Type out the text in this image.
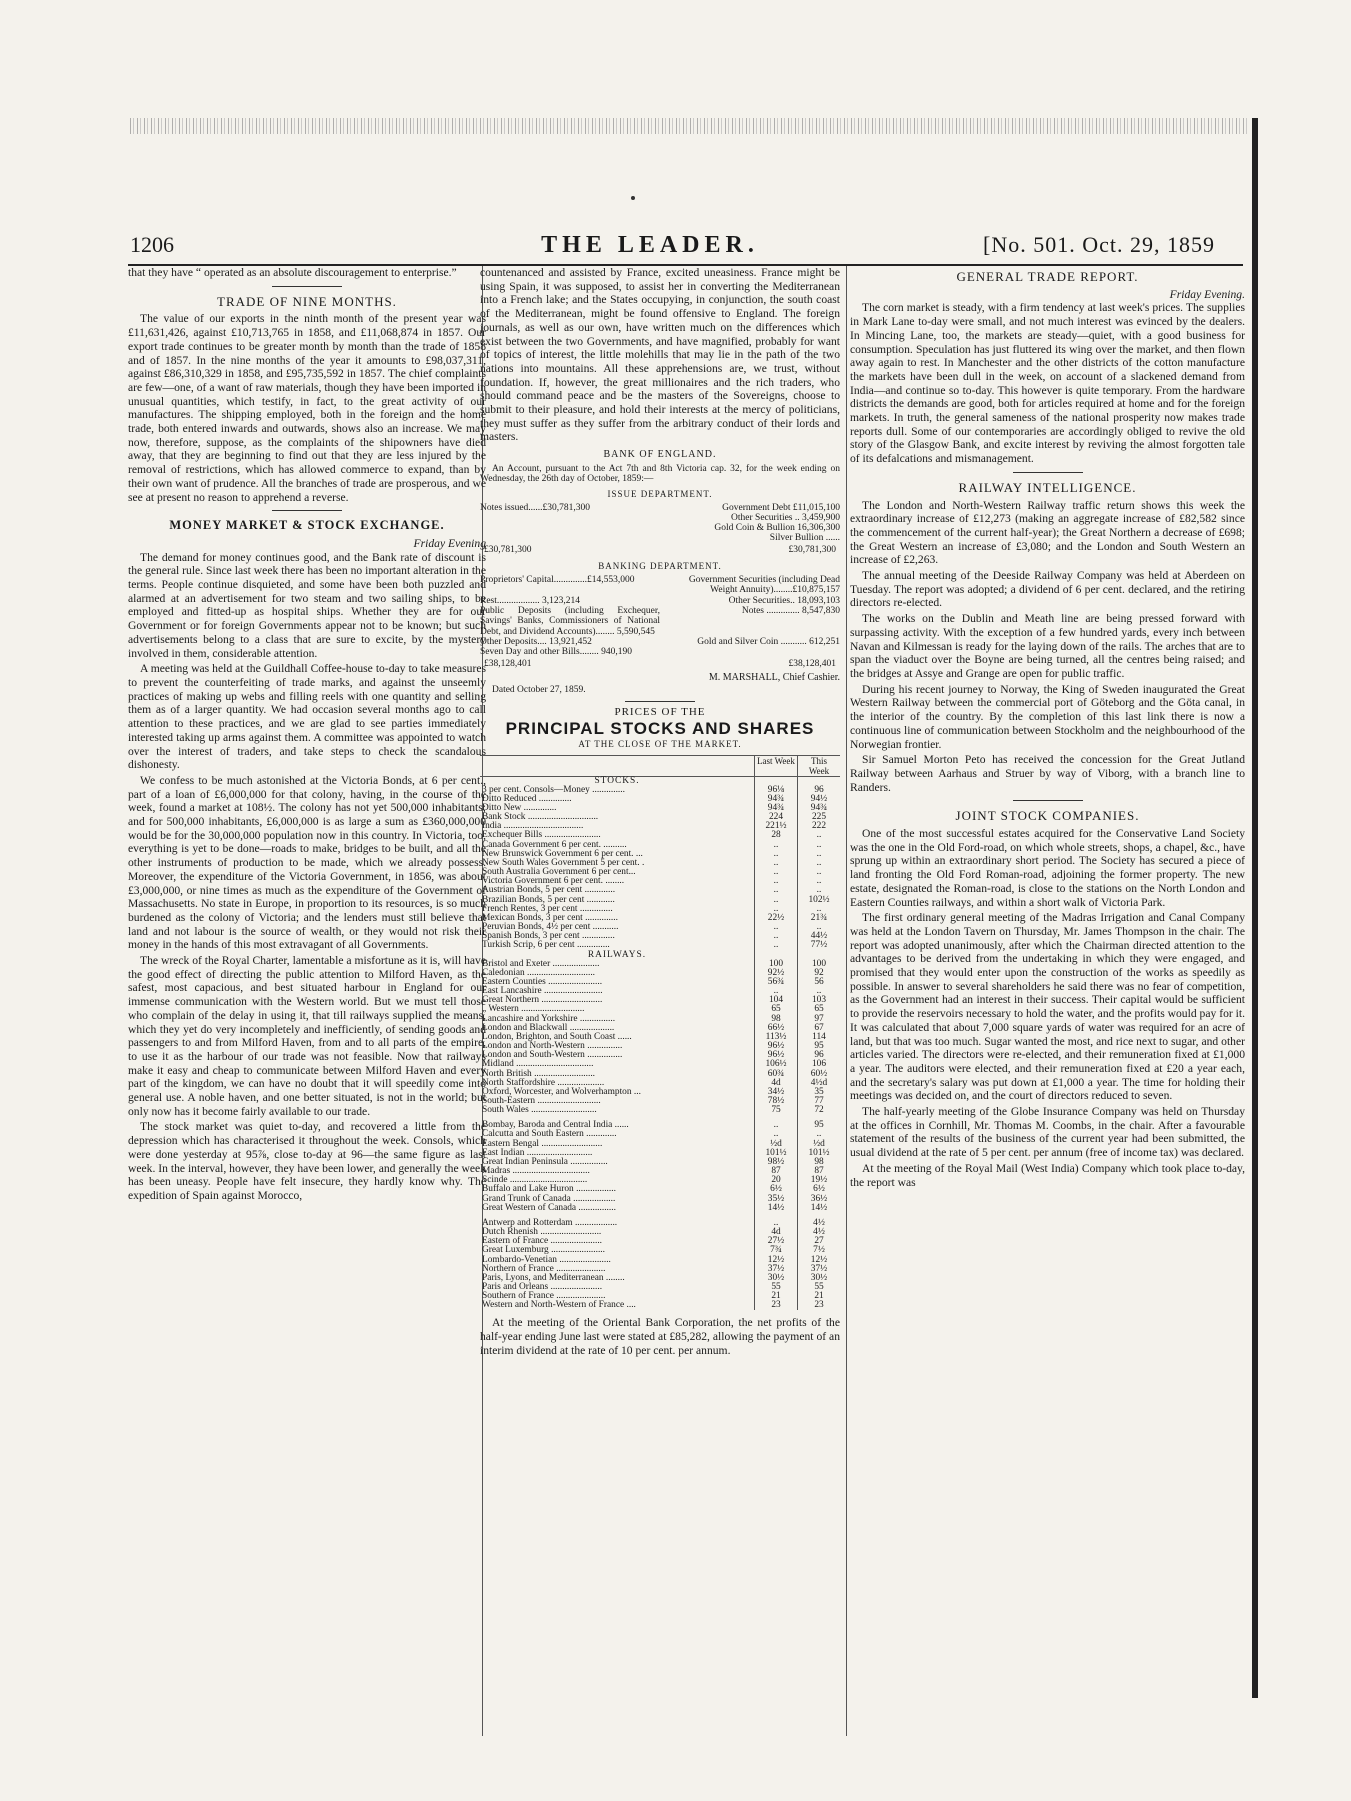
1206	THE LEADER.	[No. 501. Oct. 29, 1859

that they have “ operated as an absolute discouragement to enterprise.”

TRADE OF NINE MONTHS.

The value of our exports in the ninth month of the present year was £11,631,426, against £10,713,765 in 1858, and £11,068,874 in 1857. Our export trade continues to be greater month by month than the trade of 1858 and of 1857. In the nine months of the year it amounts to £98,037,311, against £86,310,329 in 1858, and £95,735,592 in 1857. The chief complaints are few—one, of a want of raw materials, though they have been imported in unusual quantities, which testify, in fact, to the great activity of our manufactures. The shipping employed, both in the foreign and the home trade, both entered inwards and outwards, shows also an increase. We may now, therefore, suppose, as the complaints of the shipowners have died away, that they are beginning to find out that they are less injured by the removal of restrictions, which has allowed commerce to expand, than by their own want of prudence. All the branches of trade are prosperous, and we see at present no reason to apprehend a reverse.

MONEY MARKET & STOCK EXCHANGE.
Friday Evening

The demand for money continues good, and the Bank rate of discount is the general rule. Since last week there has been no important alteration in the terms. People continue disquieted, and some have been both puzzled and alarmed at an advertisement for two steam and two sailing ships, to be employed and fitted-up as hospital ships. Whether they are for our Government or for foreign Governments appear not to be known; but such advertisements belong to a class that are sure to excite, by the mystery involved in them, considerable attention.

A meeting was held at the Guildhall Coffee-house to-day to take measures to prevent the counterfeiting of trade marks, and against the unseemly practices of making up webs and filling reels with one quantity and selling them as of a larger quantity. We had occasion several months ago to call attention to these practices, and we are glad to see parties immediately interested taking up arms against them. A committee was appointed to watch over the interest of traders, and take steps to check the scandalous dishonesty.

We confess to be much astonished at the Victoria Bonds, at 6 per cent., part of a loan of £6,000,000 for that colony, having, in the course of the week, found a market at 108½. The colony has not yet 500,000 inhabitants; and for 500,000 inhabitants, £6,000,000 is as large a sum as £360,000,000 would be for the 30,000,000 population now in this country. In Victoria, too, everything is yet to be done—roads to make, bridges to be built, and all the other instruments of production to be made, which we already possess. Moreover, the expenditure of the Victoria Government, in 1856, was about £3,000,000, or nine times as much as the expenditure of the Government of Massachusetts. No state in Europe, in proportion to its resources, is so much burdened as the colony of Victoria; and the lenders must still believe that land and not labour is the source of wealth, or they would not risk their money in the hands of this most extravagant of all Governments.

The wreck of the Royal Charter, lamentable a misfortune as it is, will have the good effect of directing the public attention to Milford Haven, as the safest, most capacious, and best situated harbour in England for our immense communication with the Western world. But we must tell those who complain of the delay in using it, that till railways supplied the means, which they yet do very incompletely and inefficiently, of sending goods and passengers to and from Milford Haven, from and to all parts of the empire, to use it as the harbour of our trade was not feasible. Now that railways make it easy and cheap to communicate between Milford Haven and every part of the kingdom, we can have no doubt that it will speedily come into general use. A noble haven, and one better situated, is not in the world; but only now has it become fairly available to our trade.

The stock market was quiet to-day, and recovered a little from the depression which has characterised it throughout the week. Consols, which were done yesterday at 95⅞, close to-day at 96—the same figure as last week. In the interval, however, they have been lower, and generally the week has been uneasy. People have felt insecure, they hardly know why. The expedition of Spain against Morocco,

countenanced and assisted by France, excited uneasiness. France might be using Spain, it was supposed, to assist her in converting the Mediterranean into a French lake; and the States occupying, in conjunction, the south coast of the Mediterranean, might be found offensive to England. The foreign journals, as well as our own, have written much on the differences which exist between the two Governments, and have magnified, probably for want of topics of interest, the little molehills that may lie in the path of the two nations into mountains. All these apprehensions are, we trust, without foundation. If, however, the great millionaires and the rich traders, who should command peace and be the masters of the Sovereigns, choose to submit to their pleasure, and hold their interests at the mercy of politicians, they must suffer as they suffer from the arbitrary conduct of their lords and masters.

BANK OF ENGLAND.

An Account, pursuant to the Act 7th and 8th Victoria cap. 32, for the week ending on Wednesday, the 26th day of October, 1859:—

ISSUE DEPARTMENT.
Notes issued......£30,781,300	Government Debt £11,015,100
	Other Securities .. 3,459,900
	Gold Coin & Bullion 16,306,300
	Silver Bullion ......
£30,781,300	£30,781,300
BANKING DEPARTMENT.
Proprietors' Capital..............£14,553,000	Government Securities (including Dead Weight Annuity)........£10,875,157
Rest.................. 3,123,214	Other Securities.. 18,093,103
Public Deposits (including Exchequer, Savings' Banks, Commissioners of National Debt, and Dividend Accounts)........ 5,590,545	Notes .............. 8,547,830
Other Deposits.... 13,921,452	Gold and Silver Coin ........... 612,251
Seven Day and other Bills........ 940,190	
£38,128,401	£38,128,401
M. MARSHALL, Chief Cashier.
Dated October 27, 1859.
PRICES OF THE
PRINCIPAL STOCKS AND SHARES
AT THE CLOSE OF THE MARKET.
	Last Week	This Week
STOCKS.		
3 per cent. Consols—Money ..............	96⅛	96
Ditto Reduced ..............	94¾	94½
Ditto New ..............	94¾	94¾
Bank Stock ..............................	224	225
India ..................................	221½	222
Exchequer Bills ........................	28	..
Canada Government 6 per cent. ..........	..	..
New Brunswick Government 6 per cent. ...	..	..
New South Wales Government 5 per cent. .	..	..
South Australia Government 6 per cent...	..	..
Victoria Government 6 per cent. ........	..	..
Austrian Bonds, 5 per cent .............	..	..
Brazilian Bonds, 5 per cent ............	..	102½
French Rentes, 3 per cent ..............	..	..
Mexican Bonds, 3 per cent ..............	22½	21¾
Peruvian Bonds, 4½ per cent ...........	..	..
Spanish Bonds, 3 per cent ..............	..	44½
Turkish Scrip, 6 per cent ..............	..	77½
RAILWAYS.		
Bristol and Exeter ....................	100	100
Caledonian .............................	92½	92
Eastern Counties .......................	56¾	56
East Lancashire .........................	..	..
Great Northern ..........................	104	103
„ Western ...........................	65	65
Lancashire and Yorkshire ...............	98	97
London and Blackwall ...................	66½	67
London, Brighton, and South Coast ......	113½	114
London and North-Western ...............	96½	95
London and South-Western ...............	96½	96
Midland .................................	106½	106
North British ..........................	60¾	60½
North Staffordshire ....................	4d	4½d
Oxford, Worcester, and Wolverhampton ...	34½	35
South-Eastern ...........................	78½	77
South Wales ............................	75	72

Bombay, Baroda and Central India ......	..	95
Calcutta and South Eastern .............	..	..
Eastern Bengal ..........................	½d	½d
East Indian ............................	101½	101½
Great Indian Peninsula ................	98½	98
Madras .................................	87	87
Scinde .................................	20	19½
Buffalo and Lake Huron .................	6½	6½
Grand Trunk of Canada ..................	35½	36½
Great Western of Canada ................	14½	14½

Antwerp and Rotterdam ..................	..	4½
Dutch Rhenish ..........................	4d	4½
Eastern of France ......................	27½	27
Great Luxemburg .......................	7¾	7½
Lombardo-Venetian ......................	12½	12½
Northern of France .....................	37½	37½
Paris, Lyons, and Mediterranean ........	30½	30½
Paris and Orleans ......................	55	55
Southern of France .....................	21	21
Western and North-Western of France ....	23	23

At the meeting of the Oriental Bank Corporation, the net profits of the half-year ending June last were stated at £85,282, allowing the payment of an interim dividend at the rate of 10 per cent. per annum.

GENERAL TRADE REPORT.
Friday Evening.

The corn market is steady, with a firm tendency at last week's prices. The supplies in Mark Lane to-day were small, and not much interest was evinced by the dealers. In Mincing Lane, too, the markets are steady—quiet, with a good business for consumption. Speculation has just fluttered its wing over the market, and then flown away again to rest. In Manchester and the other districts of the cotton manufacture the markets have been dull in the week, on account of a slackened demand from India—and continue so to-day. This however is quite temporary. From the hardware districts the demands are good, both for articles required at home and for the foreign markets. In truth, the general sameness of the national prosperity now makes trade reports dull. Some of our contemporaries are accordingly obliged to revive the old story of the Glasgow Bank, and excite interest by reviving the almost forgotten tale of its defalcations and mismanagement.

RAILWAY INTELLIGENCE.

The London and North-Western Railway traffic return shows this week the extraordinary increase of £12,273 (making an aggregate increase of £82,582 since the commencement of the current half-year); the Great Northern a decrease of £698; the Great Western an increase of £3,080; and the London and South Western an increase of £2,263.

The annual meeting of the Deeside Railway Company was held at Aberdeen on Tuesday. The report was adopted; a dividend of 6 per cent. declared, and the retiring directors re-elected.

The works on the Dublin and Meath line are being pressed forward with surpassing activity. With the exception of a few hundred yards, every inch between Navan and Kilmessan is ready for the laying down of the rails. The arches that are to span the viaduct over the Boyne are being turned, all the centres being raised; and the bridges at Assye and Grange are open for public traffic.

During his recent journey to Norway, the King of Sweden inaugurated the Great Western Railway between the commercial port of Göteborg and the Göta canal, in the interior of the country. By the completion of this last link there is now a continuous line of communication between Stockholm and the neighbourhood of the Norwegian frontier.

Sir Samuel Morton Peto has received the concession for the Great Jutland Railway between Aarhaus and Struer by way of Viborg, with a branch line to Randers.

JOINT STOCK COMPANIES.

One of the most successful estates acquired for the Conservative Land Society was the one in the Old Ford-road, on which whole streets, shops, a chapel, &c., have sprung up within an extraordinary short period. The Society has secured a piece of land fronting the Old Ford Roman-road, adjoining the former property. The new estate, designated the Roman-road, is close to the stations on the North London and Eastern Counties railways, and within a short walk of Victoria Park.

The first ordinary general meeting of the Madras Irrigation and Canal Company was held at the London Tavern on Thursday, Mr. James Thompson in the chair. The report was adopted unanimously, after which the Chairman directed attention to the advantages to be derived from the undertaking in which they were engaged, and promised that they would enter upon the construction of the works as speedily as possible. In answer to several shareholders he said there was no fear of competition, as the Government had an interest in their success. Their capital would be sufficient to provide the reservoirs necessary to hold the water, and the profits would pay for it. It was calculated that about 7,000 square yards of water was required for an acre of land, but that was too much. Sugar wanted the most, and rice next to sugar, and other articles varied. The directors were re-elected, and their remuneration fixed at £1,000 a year. The auditors were elected, and their remuneration fixed at £20 a year each, and the secretary's salary was put down at £1,000 a year. The time for holding their meetings was decided on, and the court of directors reduced to seven.

The half-yearly meeting of the Globe Insurance Company was held on Thursday at the offices in Cornhill, Mr. Thomas M. Coombs, in the chair. After a favourable statement of the results of the business of the current year had been submitted, the usual dividend at the rate of 5 per cent. per annum (free of income tax) was declared.

At the meeting of the Royal Mail (West India) Company which took place to-day, the report was
